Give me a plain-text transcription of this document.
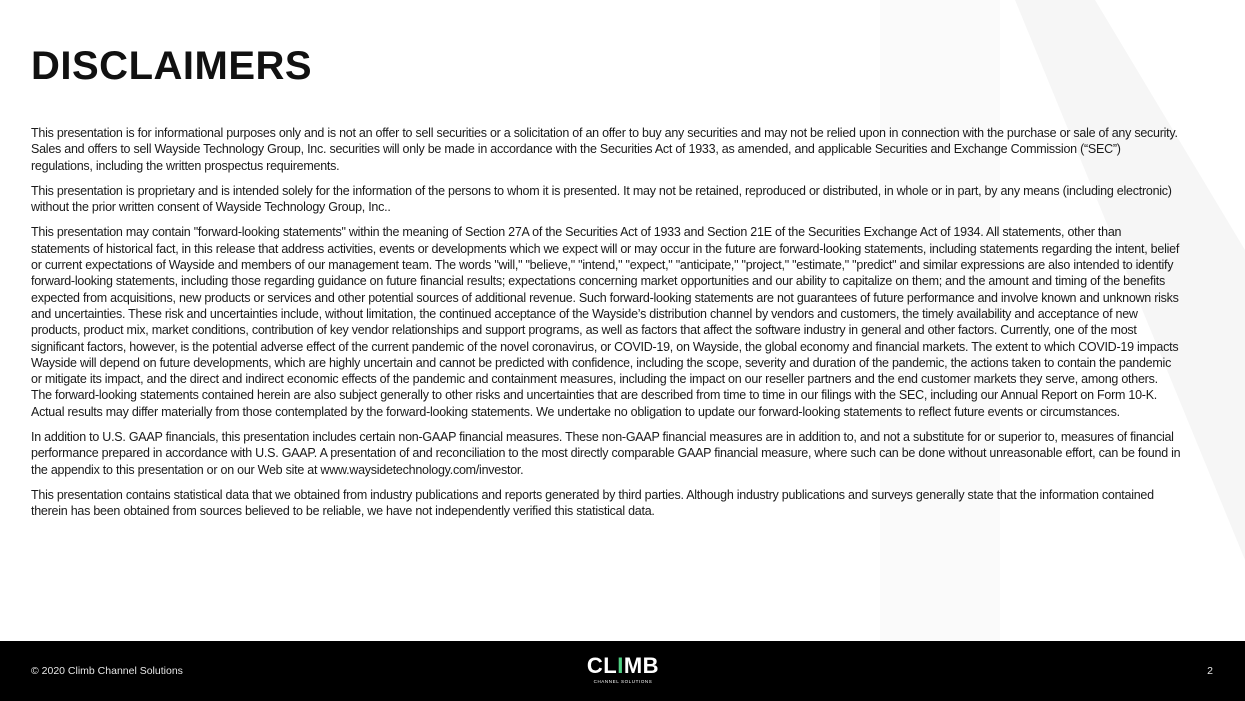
DISCLAIMERS

This presentation is for informational purposes only and is not an offer to sell securities or a solicitation of an offer to buy any securities and may not be relied upon in connection with the purchase or sale of any security. Sales and offers to sell Wayside Technology Group, Inc. securities will only be made in accordance with the Securities Act of 1933, as amended, and applicable Securities and Exchange Commission (“SEC”) regulations, including the written prospectus requirements.

This presentation is proprietary and is intended solely for the information of the persons to whom it is presented. It may not be retained, reproduced or distributed, in whole or in part, by any means (including electronic) without the prior written consent of Wayside Technology Group, Inc..

This presentation may contain "forward-looking statements" within the meaning of Section 27A of the Securities Act of 1933 and Section 21E of the Securities Exchange Act of 1934. All statements, other than statements of historical fact, in this release that address activities, events or developments which we expect will or may occur in the future are forward-looking statements, including statements regarding the intent, belief or current expectations of Wayside and members of our management team. The words "will," "believe," "intend," "expect," "anticipate," "project," "estimate," "predict" and similar expressions are also intended to identify forward-looking statements, including those regarding guidance on future financial results; expectations concerning market opportunities and our ability to capitalize on them; and the amount and timing of the benefits expected from acquisitions, new products or services and other potential sources of additional revenue. Such forward-looking statements are not guarantees of future performance and involve known and unknown risks and uncertainties. These risk and uncertainties include, without limitation, the continued acceptance of the Wayside’s distribution channel by vendors and customers, the timely availability and acceptance of new products, product mix, market conditions, contribution of key vendor relationships and support programs, as well as factors that affect the software industry in general and other factors. Currently, one of the most significant factors, however, is the potential adverse effect of the current pandemic of the novel coronavirus, or COVID-19, on Wayside, the global economy and financial markets. The extent to which COVID-19 impacts Wayside will depend on future developments, which are highly uncertain and cannot be predicted with confidence, including the scope, severity and duration of the pandemic, the actions taken to contain the pandemic or mitigate its impact, and the direct and indirect economic effects of the pandemic and containment measures, including the impact on our reseller partners and the end customer markets they serve, among others. The forward-looking statements contained herein are also subject generally to other risks and uncertainties that are described from time to time in our filings with the SEC, including our Annual Report on Form 10-K. Actual results may differ materially from those contemplated by the forward-looking statements. We undertake no obligation to update our forward-looking statements to reflect future events or circumstances.

In addition to U.S. GAAP financials, this presentation includes certain non-GAAP financial measures. These non-GAAP financial measures are in addition to, and not a substitute for or superior to, measures of financial performance prepared in accordance with U.S. GAAP. A presentation of and reconciliation to the most directly comparable GAAP financial measure, where such can be done without unreasonable effort, can be found in the appendix to this presentation or on our Web site at www.waysidetechnology.com/investor.

This presentation contains statistical data that we obtained from industry publications and reports generated by third parties. Although industry publications and surveys generally state that the information contained therein has been obtained from sources believed to be reliable, we have not independently verified this statistical data.

© 2020 Climb Channel Solutions	CLIMB
CHANNEL SOLUTIONS
2
